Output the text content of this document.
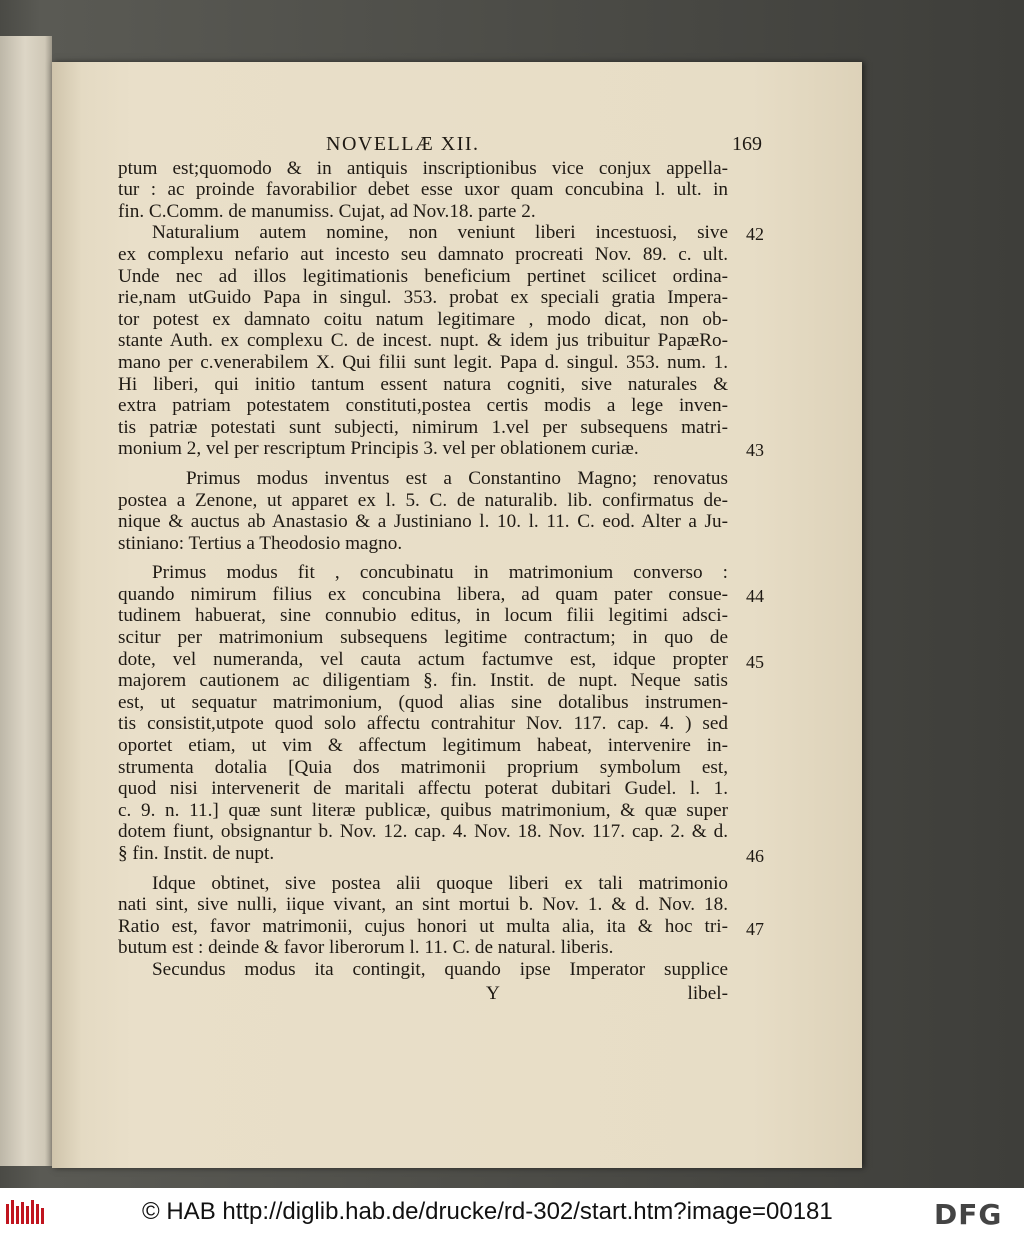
NOVELLÆ XII.	169
ptum est;quomodo & in antiquis inscriptionibus vice conjux appella-
tur : ac proinde favorabilior debet esse uxor quam concubina l. ult. in
fin. C.Comm. de manumiss. Cujat, ad Nov.18. parte 2.
42
43
Naturalium autem nomine, non veniunt liberi incestuosi, sive
ex complexu nefario aut incesto seu damnato procreati Nov. 89. c. ult.
Unde nec ad illos legitimationis beneficium pertinet scilicet ordina-
rie,nam utGuido Papa in singul. 353. probat ex speciali gratia Impera-
tor potest ex damnato coitu natum legitimare , modo dicat, non ob-
stante Auth. ex complexu C. de incest. nupt. & idem jus tribuitur PapæRo-
mano per c.venerabilem X. Qui filii sunt legit. Papa d. singul. 353. num. 1.
Hi liberi, qui initio tantum essent natura cogniti, sive naturales &
extra patriam potestatem constituti,postea certis modis a lege inven-
tis patriæ potestati sunt subjecti, nimirum 1.vel per subsequens matri-
monium 2, vel per rescriptum Principis 3. vel per oblationem curiæ.
Primus modus inventus est a Constantino Magno; renovatus
postea a Zenone, ut apparet ex l. 5. C. de naturalib. lib. confirmatus de-
nique & auctus ab Anastasio & a Justiniano l. 10. l. 11. C. eod. Alter a Ju-
stiniano: Tertius a Theodosio magno.
44
45
46
Primus modus fit , concubinatu in matrimonium converso :
quando nimirum filius ex concubina libera, ad quam pater consue-
tudinem habuerat, sine connubio editus, in locum filii legitimi adsci-
scitur per matrimonium subsequens legitime contractum; in quo de
dote, vel numeranda, vel cauta actum factumve est, idque propter
majorem cautionem ac diligentiam §. fin. Instit. de nupt. Neque satis
est, ut sequatur matrimonium, (quod alias sine dotalibus instrumen-
tis consistit,utpote quod solo affectu contrahitur Nov. 117. cap. 4. ) sed
oportet etiam, ut vim & affectum legitimum habeat, intervenire in-
strumenta dotalia [Quia dos matrimonii proprium symbolum est,
quod nisi intervenerit de maritali affectu poterat dubitari Gudel. l. 1.
c. 9. n. 11.] quæ sunt literæ publicæ, quibus matrimonium, & quæ super
dotem fiunt, obsignantur b. Nov. 12. cap. 4. Nov. 18. Nov. 117. cap. 2. & d.
§ fin. Instit. de nupt.
47
Idque obtinet, sive postea alii quoque liberi ex tali matrimonio
nati sint, sive nulli, iique vivant, an sint mortui b. Nov. 1. & d. Nov. 18.
Ratio est, favor matrimonii, cujus honori ut multa alia, ita & hoc tri-
butum est : deinde & favor liberorum l. 11. C. de natural. liberis.
Secundus modus ita contingit, quando ipse Imperator supplice
Y	libel-
© HAB http://diglib.hab.de/drucke/rd-302/start.htm?image=00181	DFG
